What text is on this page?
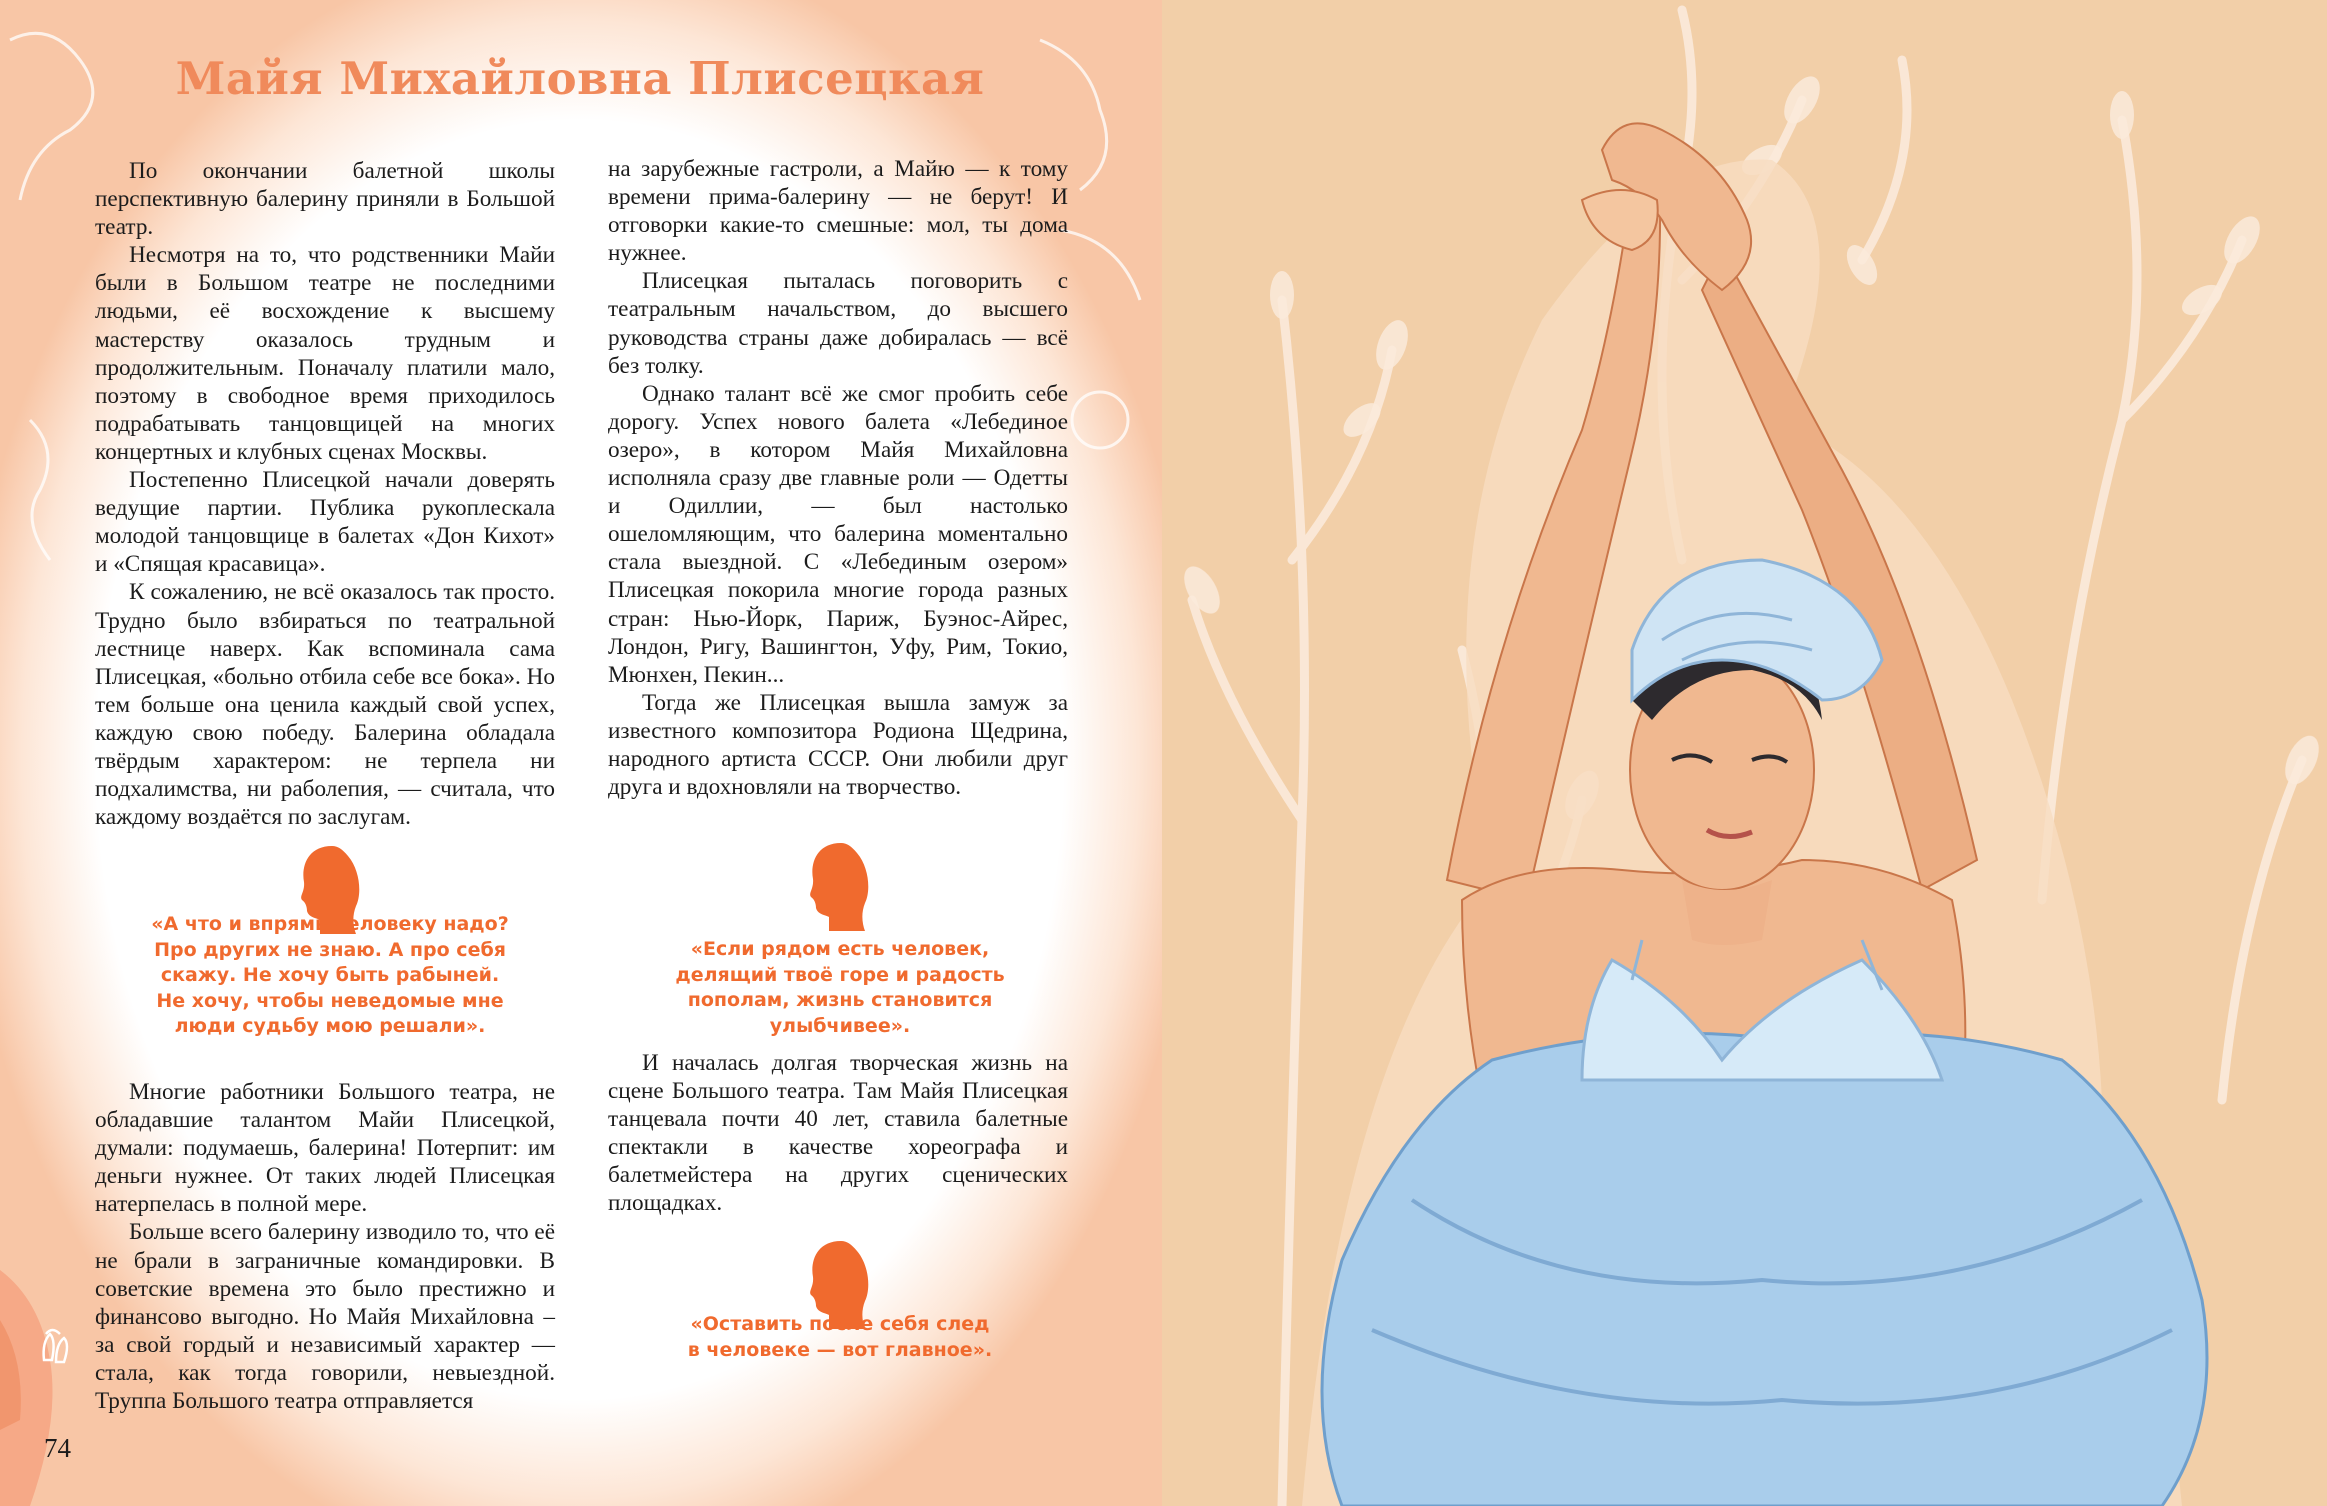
Майя Михайловна Плисецкая

По окончании балетной школы перспективную балерину приняли в Большой театр.

Несмотря на то, что родственники Майи были в Большом театре не последними людьми, её восхождение к высшему мастерству оказалось трудным и продолжительным. Поначалу платили мало, поэтому в свободное время приходилось подрабатывать танцовщицей на многих концертных и клубных сценах Москвы.

Постепенно Плисецкой начали доверять ведущие партии. Публика рукоплескала молодой танцовщице в балетах «Дон Кихот» и «Спящая красавица».

К сожалению, не всё оказалось так просто. Трудно было взбираться по театральной лестнице наверх. Как вспоминала сама Плисецкая, «больно отбила себе все бока». Но тем больше она ценила каждый свой успех, каждую свою победу. Балерина обладала твёрдым характером: не терпела ни подхалимства, ни раболепия, — считала, что каждому воздаётся по заслугам.

на зарубежные гастроли, а Майю — к тому времени прима-балерину — не берут! И отговорки какие-то смешные: мол, ты дома нужнее.

Плисецкая пыталась поговорить с театральным начальством, до высшего руководства страны даже добиралась — всё без толку.

Однако талант всё же смог пробить себе дорогу. Успех нового балета «Лебединое озеро», в котором Майя Михайловна исполняла сразу две главные роли — Одетты и Одиллии, — был настолько ошеломляющим, что балерина моментально стала выездной. С «Лебединым озером» Плисецкая покорила многие города разных стран: Нью-Йорк, Париж, Буэнос-Айрес, Лондон, Ригу, Вашингтон, Уфу, Рим, Токио, Мюнхен, Пекин...

Тогда же Плисецкая вышла замуж за известного композитора Родиона Щедрина, народного артиста СССР. Они любили друг друга и вдохновляли на творчество.

«А что и впрямь человеку надо?
Про других не знаю. А про себя
скажу. Не хочу быть рабыней.
Не хочу, чтобы неведомые мне
люди судьбу мою решали».
«Если рядом есть человек,
делящий твоё горе и радость
пополам, жизнь становится
улыбчивее».

Многие работники Большого театра, не обладавшие талантом Майи Плисецкой, думали: подумаешь, балерина! Потерпит: им деньги нужнее. От таких людей Плисецкая натерпелась в полной мере.

Больше всего балерину изводило то, что её не брали в заграничные командировки. В советские времена это было престижно и финансово выгодно. Но Майя Михайловна – за свой гордый и независимый характер — стала, как тогда говорили, невыездной. Труппа Большого театра отправляется

И началась долгая творческая жизнь на сцене Большого театра. Там Майя Плисецкая танцевала почти 40 лет, ставила балетные спектакли в качестве хореографа и балетмейстера на других сценических площадках.

«Оставить после себя след
в человеке — вот главное».
74
